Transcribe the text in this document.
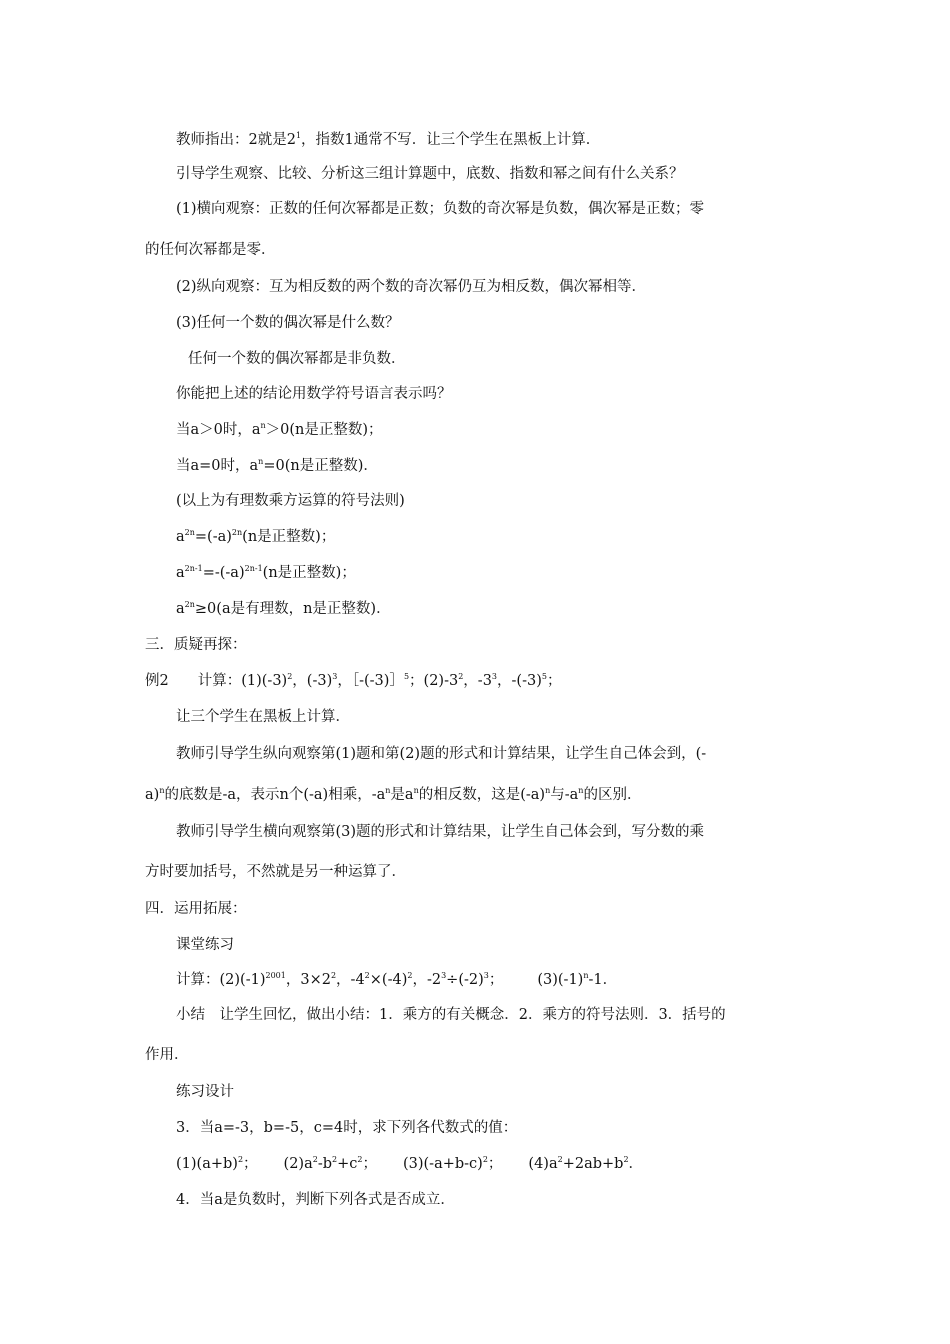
教师指出：2就是$2^1$，指数1通常不写．让三个学生在黑板上计算．
引导学生观察、比较、分析这三组计算题中，底数、指数和幂之间有什么关系？
(1)横向观察：正数的任何次幂都是正数；负数的奇次幂是负数，偶次幂是正数；零
的任何次幂都是零．
(2)纵向观察：互为相反数的两个数的奇次幂仍互为相反数，偶次幂相等．
(3)任何一个数的偶次幂是什么数？
任何一个数的偶次幂都是非负数．
你能把上述的结论用数学符号语言表示吗？
当a＞0时，$a^n>0(n$是正整数)；
当a=0时，$a^n=0(n$是正整数)．
(以上为有理数乘方运算的符号法则)
$a^{2n}=(-a)^{2n}(n$是正整数)；
$a^{2n-1}=-(-a)^{2n-1}(n$是正整数)；
$a^{2n}\ge 0(a$是有理数，n是正整数)．
三．质疑再探：
例2　　计算：$(1)(-3)^2$，$(-3)^3$，［-(-3)］$^5$；$(2)-3^2$，$-3^3$，$-(-3)^5$；
让三个学生在黑板上计算．
教师引导学生纵向观察第(1)题和第(2)题的形式和计算结果，让学生自己体会到，(-
a)$^n$的底数是-a，表示n个(-a)相乘，$-a^n$是$a^n$的相反数，这是$(-a)^n$与$-a^n$的区别．
教师引导学生横向观察第(3)题的形式和计算结果，让学生自己体会到，写分数的乘
方时要加括号，不然就是另一种运算了．
四．运用拓展：
课堂练习
计算：$(2)(-1)^{2001}$，$3\times 2^2$，$-4^2\times(-4)^2$，$-2^3\div(-2)^3$； $(3)(-1)^n-1$．
小结　让学生回忆，做出小结：1．乘方的有关概念．2．乘方的符号法则．3．括号的
作用．
练习设计
3．当a=-3，b=-5，c=4时，求下列各代数式的值：
$(1)(a+b)^2$； $(2)a^2-b^2+c^2$； $(3)(-a+b-c)^2$； $(4)a^2+2ab+b^2$．
4．当a是负数时，判断下列各式是否成立．
